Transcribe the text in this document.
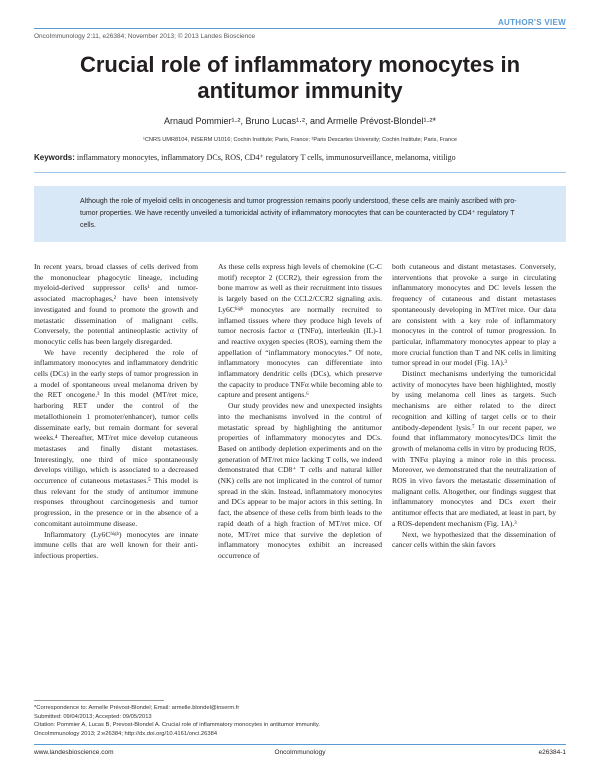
AUTHOR'S VIEW
OncoImmunology 2:11, e26384; November 2013; © 2013 Landes Bioscience
Crucial role of inflammatory monocytes in antitumor immunity
Arnaud Pommier¹·², Bruno Lucas¹·², and Armelle Prévost-Blondel¹·²*
¹CNRS UMR8104, INSERM U1016; Cochin Institute; Paris, France; ²Paris Descartes University; Cochin Institute; Paris, France
Keywords: inflammatory monocytes, inflammatory DCs, ROS, CD4⁺ regulatory T cells, immunosurveillance, melanoma, vitiligo
Although the role of myeloid cells in oncogenesis and tumor progression remains poorly understood, these cells are mainly ascribed with pro-tumor properties. We have recently unveiled a tumoricidal activity of inflammatory monocytes that can be counteracted by CD4⁺ regulatory T cells.

In recent years, broad classes of cells derived from the mononuclear phagocytic lineage, including myeloid-derived suppressor cells¹ and tumor-associated macrophages,² have been intensively investigated and found to promote the growth and metastatic dissemination of malignant cells. Conversely, the potential antineoplastic activity of monocytic cells has been largely disregarded.

We have recently deciphered the role of inflammatory monocytes and inflammatory dendritic cells (DCs) in the early steps of tumor progression in a model of spontaneous uveal melanoma driven by the RET oncogene.³ In this model (MT/ret mice, harboring RET under the control of the metallothionein 1 promoter/enhancer), tumor cells disseminate early, but remain dormant for several weeks.⁴ Thereafter, MT/ret mice develop cutaneous metastases and finally distant metastases. Interestingly, one third of mice spontaneously develops vitiligo, which is associated to a decreased occurrence of cutaneous metastases.⁵ This model is thus relevant for the study of antitumor immune responses throughout carcinogenesis and tumor progression, in the presence or in the absence of a concomitant autoimmune disease.

Inflammatory (Ly6Cʰⁱᵍʰ) monocytes are innate immune cells that are well known for their anti-infectious properties.

As these cells express high levels of chemokine (C-C motif) receptor 2 (CCR2), their egression from the bone marrow as well as their recruitment into tissues is largely based on the CCL2/CCR2 signaling axis. Ly6Cʰⁱᵍʰ monocytes are normally recruited to inflamed tissues where they produce high levels of tumor necrosis factor α (TNFα), interleukin (IL)-1 and reactive oxygen species (ROS), earning them the appellation of “inflammatory monocytes.” Of note, inflammatory monocytes can differentiate into inflammatory dendritic cells (DCs), which preserve the capacity to produce TNFα while becoming able to capture and present antigens.⁶

Our study provides new and unexpected insights into the mechanisms involved in the control of metastatic spread by highlighting the antitumor properties of inflammatory monocytes and DCs. Based on antibody depletion experiments and on the generation of MT/ret mice lacking T cells, we indeed demonstrated that CD8⁺ T cells and natural killer (NK) cells are not implicated in the control of tumor spread in the skin. Instead, inflammatory monocytes and DCs appear to be major actors in this setting. In fact, the absence of these cells from birth leads to the rapid death of a high fraction of MT/ret mice. Of note, MT/ret mice that survive the depletion of inflammatory monocytes exhibit an increased occurrence of

both cutaneous and distant metastases. Conversely, interventions that provoke a surge in circulating inflammatory monocytes and DC levels lessen the frequency of cutaneous and distant metastases spontaneously developing in MT/ret mice. Our data are consistent with a key role of inflammatory monocytes in the control of tumor progression. In particular, inflammatory monocytes appear to play a more crucial function than T and NK cells in limiting tumor spread in our model (Fig. 1A).³

Distinct mechanisms underlying the tumoricidal activity of monocytes have been highlighted, mostly by using melanoma cell lines as targets. Such mechanisms are either related to the direct recognition and killing of target cells or to their antibody-dependent lysis.⁷ In our recent paper, we found that inflammatory monocytes/DCs limit the growth of melanoma cells in vitro by producing ROS, with TNFα playing a minor role in this process. Moreover, we demonstrated that the neutralization of ROS in vivo favors the metastatic dissemination of malignant cells. Altogether, our findings suggest that inflammatory monocytes and DCs exert their antitumor effects that are mediated, at least in part, by a ROS-dependent mechanism (Fig. 1A).³

Next, we hypothesized that the dissemination of cancer cells within the skin favors

*Correspondence to: Armelle Prévost-Blondel; Email: armelle.blondel@inserm.fr
Submitted: 09/04/2013; Accepted: 09/05/2013
Citation: Pommier A, Lucas B, Prevost-Blondel A. Crucial role of inflammatory monocytes in antitumor immunity.
OncoImmunology 2013; 2:e26384; http://dx.doi.org/10.4161/onci.26384
www.landesbioscience.com	OncoImmunology	e26384-1
